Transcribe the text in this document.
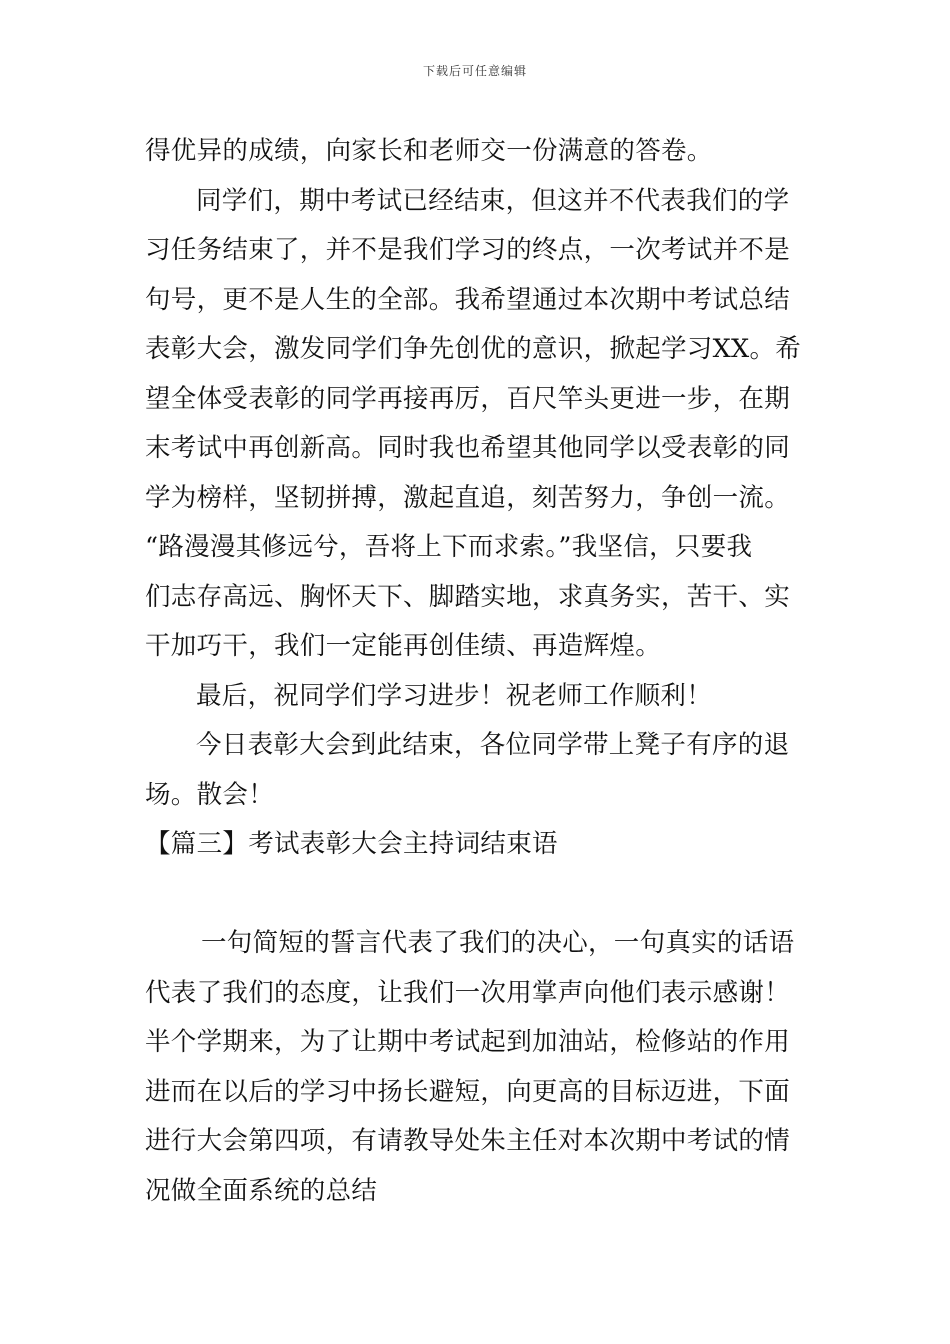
下载后可任意编辑
得优异的成绩，向家长和老师交一份满意的答卷。
同学们，期中考试已经结束，但这并不代表我们的学
习任务结束了，并不是我们学习的终点，一次考试并不是
句号，更不是人生的全部。我希望通过本次期中考试总结
表彰大会，激发同学们争先创优的意识，掀起学习XX。希
望全体受表彰的同学再接再厉，百尺竿头更进一步，在期
末考试中再创新高。同时我也希望其他同学以受表彰的同
学为榜样，坚韧拼搏，激起直追，刻苦努力，争创一流。
“路漫漫其修远兮，吾将上下而求索。”我坚信，只要我
们志存高远、胸怀天下、脚踏实地，求真务实，苦干、实
干加巧干，我们一定能再创佳绩、再造辉煌。
最后，祝同学们学习进步！祝老师工作顺利！
今日表彰大会到此结束，各位同学带上凳子有序的退
场。散会！
【篇三】考试表彰大会主持词结束语
一句简短的誓言代表了我们的决心，一句真实的话语
代表了我们的态度，让我们一次用掌声向他们表示感谢！
半个学期来，为了让期中考试起到加油站，检修站的作用
进而在以后的学习中扬长避短，向更高的目标迈进，下面
进行大会第四项，有请教导处朱主任对本次期中考试的情
况做全面系统的总结
